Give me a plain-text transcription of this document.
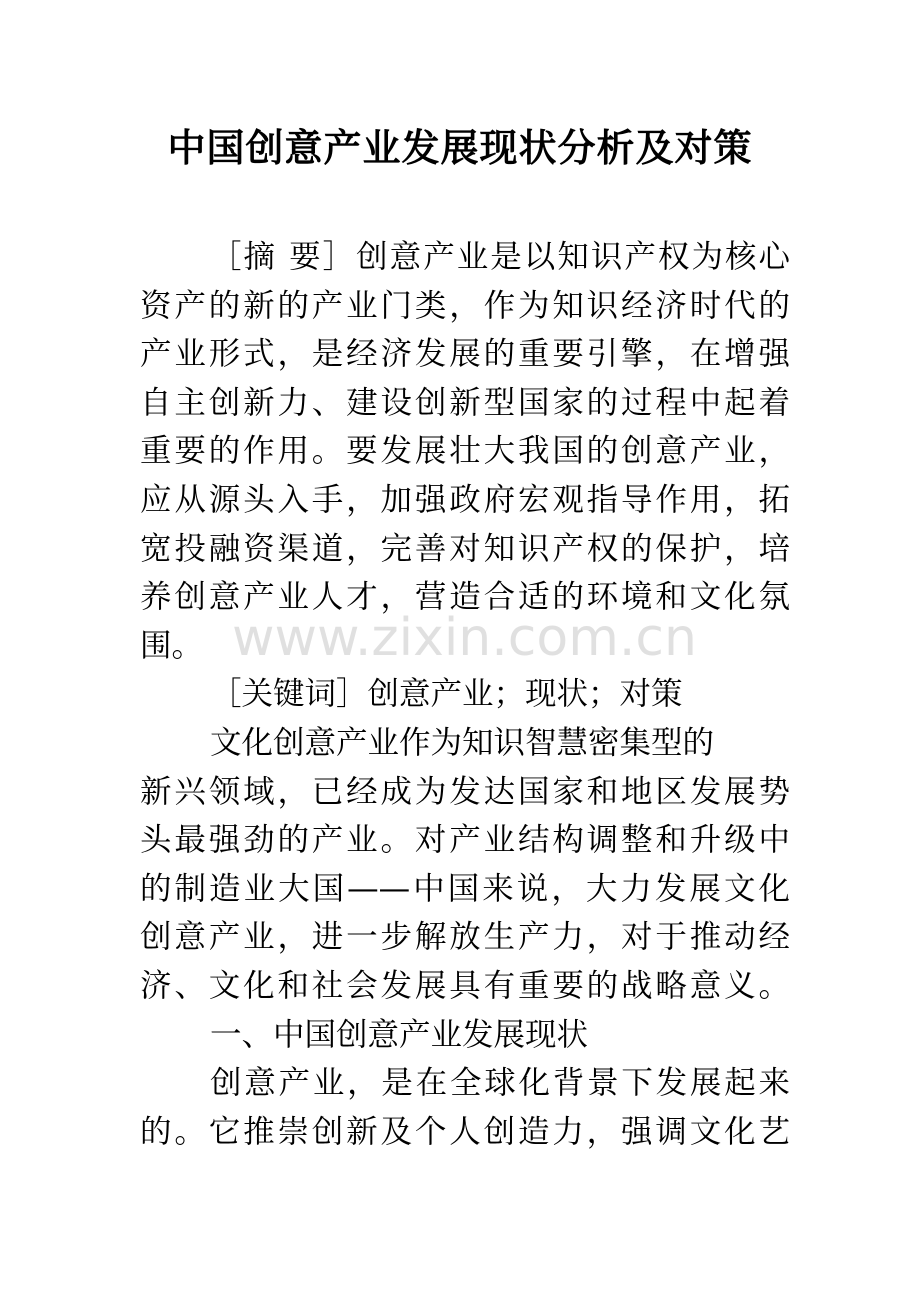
中国创意产业发展现状分析及对策
［摘 要］创意产业是以知识产权为核心
资产的新的产业门类，作为知识经济时代的
产业形式，是经济发展的重要引擎，在增强
自主创新力、建设创新型国家的过程中起着
重要的作用。要发展壮大我国的创意产业，
应从源头入手，加强政府宏观指导作用，拓
宽投融资渠道，完善对知识产权的保护，培
养创意产业人才，营造合适的环境和文化氛
围。
［关键词］创意产业；现状；对策
文化创意产业作为知识智慧密集型的
新兴领域，已经成为发达国家和地区发展势
头最强劲的产业。对产业结构调整和升级中
的制造业大国——中国来说，大力发展文化
创意产业，进一步解放生产力，对于推动经
济、文化和社会发展具有重要的战略意义。
一、中国创意产业发展现状
创意产业，是在全球化背景下发展起来
的。它推崇创新及个人创造力，强调文化艺
www.zixin.com.cn
